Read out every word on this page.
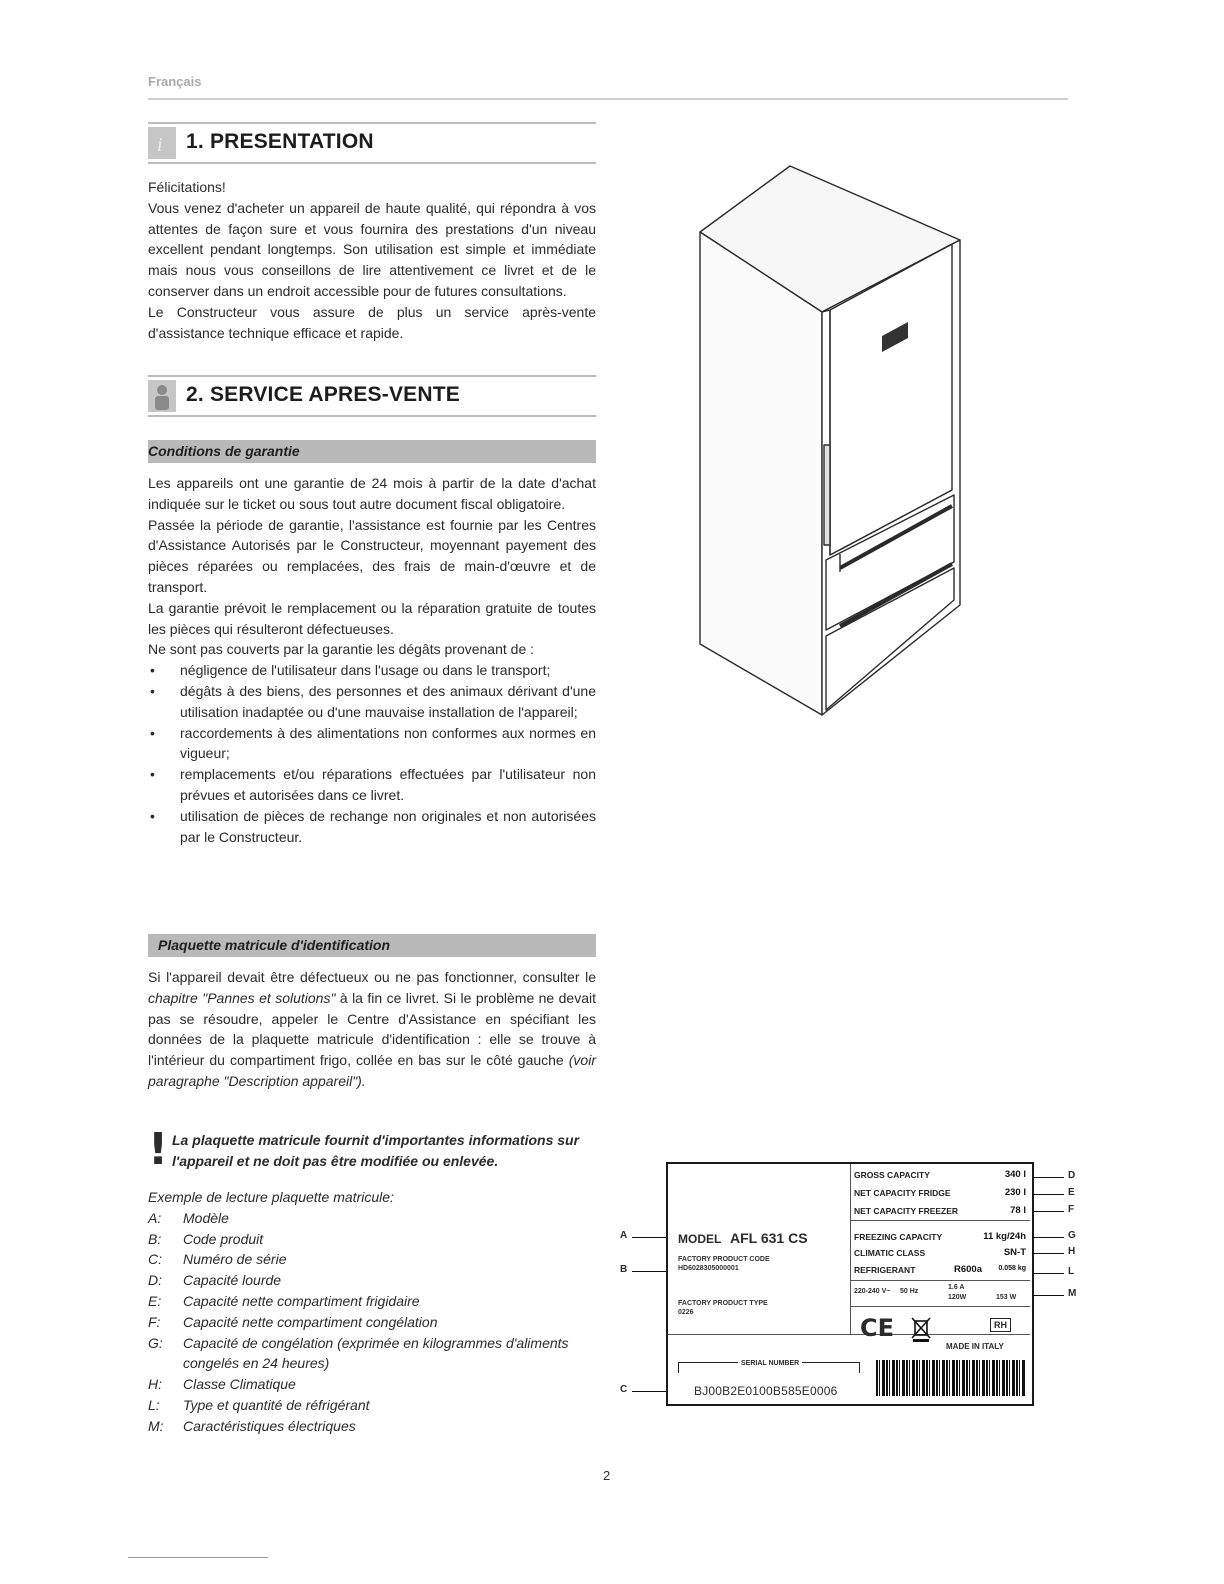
Français
i 1. PRESENTATION

Félicitations!

Vous venez d'acheter un appareil de haute qualité, qui répondra à vos attentes de façon sure et vous fournira des prestations d'un niveau excellent pendant longtemps. Son utilisation est simple et immédiate mais nous vous conseillons de lire attentivement ce livret et de le conserver dans un endroit accessible pour de futures consultations.

Le Constructeur vous assure de plus un service après-vente d'assistance technique efficace et rapide.

2. SERVICE APRES-VENTE
Conditions de garantie

Les appareils ont une garantie de 24 mois à partir de la date d'achat indiquée sur le ticket ou sous tout autre document fiscal obligatoire.

Passée la période de garantie, l'assistance est fournie par les Centres d'Assistance Autorisés par le Constructeur, moyennant payement des pièces réparées ou remplacées, des frais de main-d'œuvre et de transport.

La garantie prévoit le remplacement ou la réparation gratuite de toutes les pièces qui résulteront défectueuses.

Ne sont pas couverts par la garantie les dégâts provenant de :

• négligence de l'utilisateur dans l'usage ou dans le transport;
• dégâts à des biens, des personnes et des animaux dérivant d'une utilisation inadaptée ou d'une mauvaise installation de l'appareil;
• raccordements à des alimentations non conformes aux normes en vigueur;
• remplacements et/ou réparations effectuées par l'utilisateur non prévues et autorisées dans ce livret.
• utilisation de pièces de rechange non originales et non autorisées par le Constructeur.
Plaquette matricule d'identification

Si l'appareil devait être défectueux ou ne pas fonctionner, consulter le chapitre "Pannes et solutions" à la fin ce livret. Si le problème ne devait pas se résoudre, appeler le Centre d'Assistance en spécifiant les données de la plaquette matricule d'identification : elle se trouve à l'intérieur du compartiment frigo, collée en bas sur le côté gauche (voir paragraphe "Description appareil").

! La plaquette matricule fournit d'importantes informations sur l'appareil et ne doit pas être modifiée ou enlevée.
Exemple de lecture plaquette matricule:
A: Modèle
B: Code produit
C: Numéro de série
D: Capacité lourde
E: Capacité nette compartiment frigidaire
F: Capacité nette compartiment congélation
G: Capacité de congélation (exprimée en kilogrammes d'aliments congelés en 24 heures)
H: Classe Climatique
L: Type et quantité de réfrigérant
M: Caractéristiques électriques
GROSS CAPACITY	340 l
NET CAPACITY FRIDGE	230 l
NET CAPACITY FREEZER	78 l
FREEZING CAPACITY	11 kg/24h
CLIMATIC CLASS	SN-T
REFRIGERANT	R600a 0.058 kg
220-240 V~ 50 Hz
1.6 A
120W	153 W
MODEL AFL 631 CS
FACTORY PRODUCT CODE
HD6028305000001
FACTORY PRODUCT TYPE
0226
CE	RH
MADE IN ITALY
SERIAL NUMBER
BJ00B2E0100B585E0006
A
B
C
D
E
F
G
H
L
M
2
